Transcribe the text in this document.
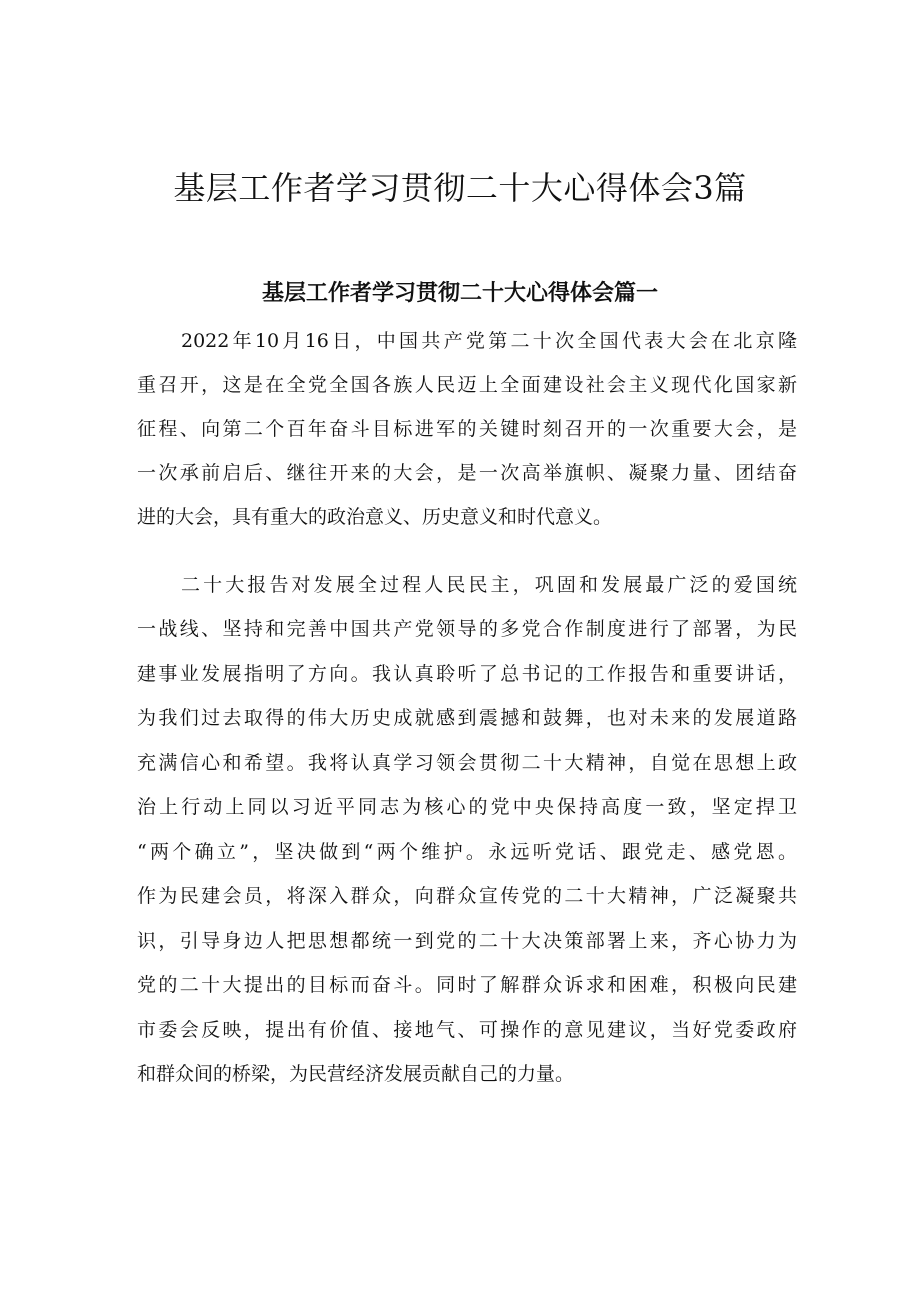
基层工作者学习贯彻二十大心得体会3篇
基层工作者学习贯彻二十大心得体会篇一
2022年10月16日，中国共产党第二十次全国代表大会在北京隆
重召开，这是在全党全国各族人民迈上全面建设社会主义现代化国家新
征程、向第二个百年奋斗目标进军的关键时刻召开的一次重要大会，是
一次承前启后、继往开来的大会，是一次高举旗帜、凝聚力量、团结奋
进的大会，具有重大的政治意义、历史意义和时代意义。
二十大报告对发展全过程人民民主，巩固和发展最广泛的爱国统
一战线、坚持和完善中国共产党领导的多党合作制度进行了部署，为民
建事业发展指明了方向。我认真聆听了总书记的工作报告和重要讲话，
为我们过去取得的伟大历史成就感到震撼和鼓舞，也对未来的发展道路
充满信心和希望。我将认真学习领会贯彻二十大精神，自觉在思想上政
治上行动上同以习近平同志为核心的党中央保持高度一致，坚定捍卫
“两个确立”，坚决做到“两个维护。永远听党话、跟党走、感党恩。
作为民建会员，将深入群众，向群众宣传党的二十大精神，广泛凝聚共
识，引导身边人把思想都统一到党的二十大决策部署上来，齐心协力为
党的二十大提出的目标而奋斗。同时了解群众诉求和困难，积极向民建
市委会反映，提出有价值、接地气、可操作的意见建议，当好党委政府
和群众间的桥梁，为民营经济发展贡献自己的力量。
